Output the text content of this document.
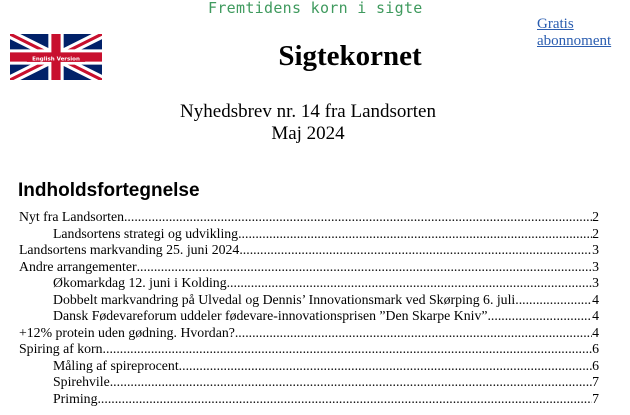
Fremtidens korn i sigte
English Version	Sigtekornet
Gratis
abonnoment
Nyhedsbrev nr. 14 fra Landsorten
Maj 2024
Indholdsfortegnelse
Nyt fra Landsorten .....	2
Landsortens strategi og udvikling .....	2
Landsortens markvanding 25. juni 2024 .....	3
Andre arrangementer .....	3
Økomarkdag 12. juni i Kolding .....	3
Dobbelt markvandring på Ulvedal og Dennis’ Innovationsmark ved Skørping 6. juli .....	4
Dansk Fødevareforum uddeler fødevare-innovationsprisen ”Den Skarpe Kniv” .....	4
+12% protein uden gødning. Hvordan? .....	4
Spiring af korn .....	6
Måling af spireprocent .....	6
Spirehvile .....	7
Priming .....	7
